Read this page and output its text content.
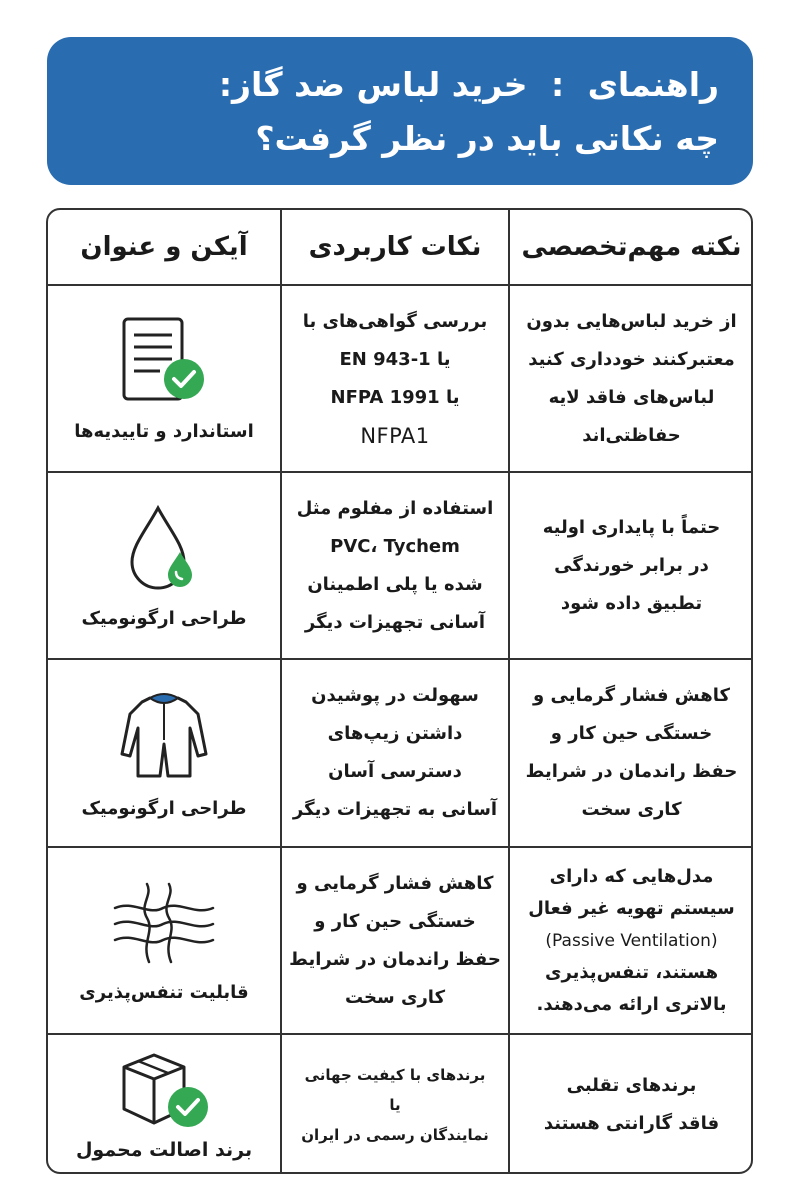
راهنمای:خرید لباس ضد گاز:
چه نکاتی باید در نظر گرفت؟
نکته مهم‌تخصصی
نکات کاربردی
آیکن و عنوان
از خرید لباس‌هایی بدون
معتبرکنند خودداری کنید
لباس‌های فاقد لایه
حفاظتی‌اند
بررسی گواهی‌های با
یا EN 943-1
یا NFPA 1991
NFPA1
استاندارد و تاییدیه‌ها
حتماً با پایداری اولیه
در برابر خورندگی
تطبیق داده شود
استفاده از مفلوم مثل
PVC، Tychem
شده یا پلی اطمینان
آسانی تجهیزات دیگر
طراحی ارگونومیک
کاهش فشار گرمایی و
خستگی حین کار و
حفظ راندمان در شرایط
کاری سخت
سهولت در پوشیدن
داشتن زیپ‌های
دسترسی آسان
آسانی به تجهیزات دیگر
طراحی ارگونومیک
مدل‌هایی که دارای
سیستم تهویه غیر فعال
(Passive Ventilation)
هستند، تنفس‌پذیری
بالاتری ارائه می‌دهند.
کاهش فشار گرمایی و
خستگی حین کار و
حفظ راندمان در شرایط
کاری سخت
قابلیت تنفس‌پذیری
برندهای تقلبی
فاقد گارانتی هستند
برندهای با کیفیت جهانی
یا
نمایندگان رسمی در ایران
برند اصالت محمول
